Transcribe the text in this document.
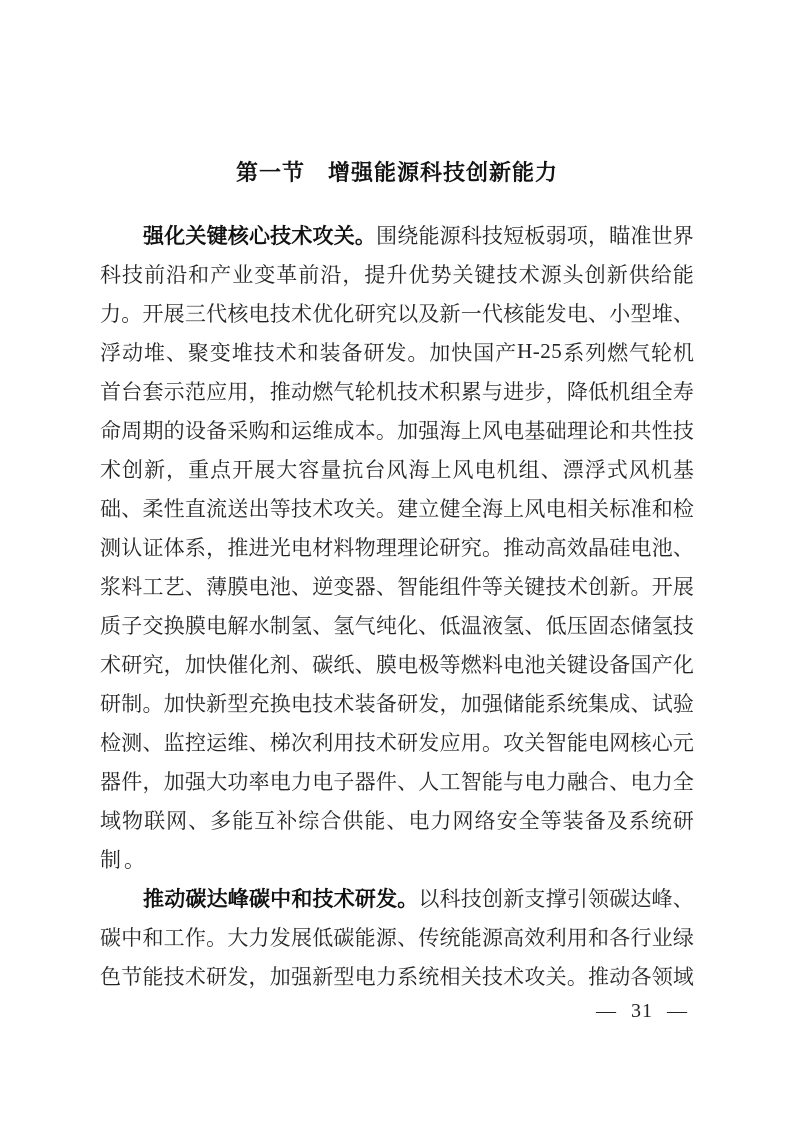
第一节　增强能源科技创新能力
强 化 关 键 核 心 技 术 攻 关 。 围 绕 能 源 科 技 短 板 弱 项 ， 瞄 准 世 界
科 技 前 沿 和 产 业 变 革 前 沿 ， 提 升 优 势 关 键 技 术 源 头 创 新 供 给 能
力 。 开 展 三 代 核 电 技 术 优 化 研 究 以 及 新 一 代 核 能 发 电 、 小 型 堆 、
浮 动 堆 、 聚 变 堆 技 术 和 装 备 研 发 。 加 快 国 产 H-25 系 列 燃 气 轮 机
首 台 套 示 范 应 用 ， 推 动 燃 气 轮 机 技 术 积 累 与 进 步 ， 降 低 机 组 全 寿
命 周 期 的 设 备 采 购 和 运 维 成 本 。 加 强 海 上 风 电 基 础 理 论 和 共 性 技
术 创 新 ， 重 点 开 展 大 容 量 抗 台 风 海 上 风 电 机 组 、 漂 浮 式 风 机 基
础 、 柔 性 直 流 送 出 等 技 术 攻 关 。 建 立 健 全 海 上 风 电 相 关 标 准 和 检
测 认 证 体 系 ， 推 进 光 电 材 料 物 理 理 论 研 究 。 推 动 高 效 晶 硅 电 池 、
浆 料 工 艺 、 薄 膜 电 池 、 逆 变 器 、 智 能 组 件 等 关 键 技 术 创 新 。 开 展
质 子 交 换 膜 电 解 水 制 氢 、 氢 气 纯 化 、 低 温 液 氢 、 低 压 固 态 储 氢 技
术 研 究 ， 加 快 催 化 剂 、 碳 纸 、 膜 电 极 等 燃 料 电 池 关 键 设 备 国 产 化
研 制 。 加 快 新 型 充 换 电 技 术 装 备 研 发 ， 加 强 储 能 系 统 集 成 、 试 验
检 测 、 监 控 运 维 、 梯 次 利 用 技 术 研 发 应 用 。 攻 关 智 能 电 网 核 心 元
器 件 ， 加 强 大 功 率 电 力 电 子 器 件 、 人 工 智 能 与 电 力 融 合 、 电 力 全
域 物 联 网 、 多 能 互 补 综 合 供 能 、 电 力 网 络 安 全 等 装 备 及 系 统 研
制 。
推 动 碳 达 峰 碳 中 和 技 术 研 发 。 以 科 技 创 新 支 撑 引 领 碳 达 峰 、
碳 中 和 工 作 。 大 力 发 展 低 碳 能 源 、 传 统 能 源 高 效 利 用 和 各 行 业 绿
色 节 能 技 术 研 发 ， 加 强 新 型 电 力 系 统 相 关 技 术 攻 关 。 推 动 各 领 域
— 31 —
